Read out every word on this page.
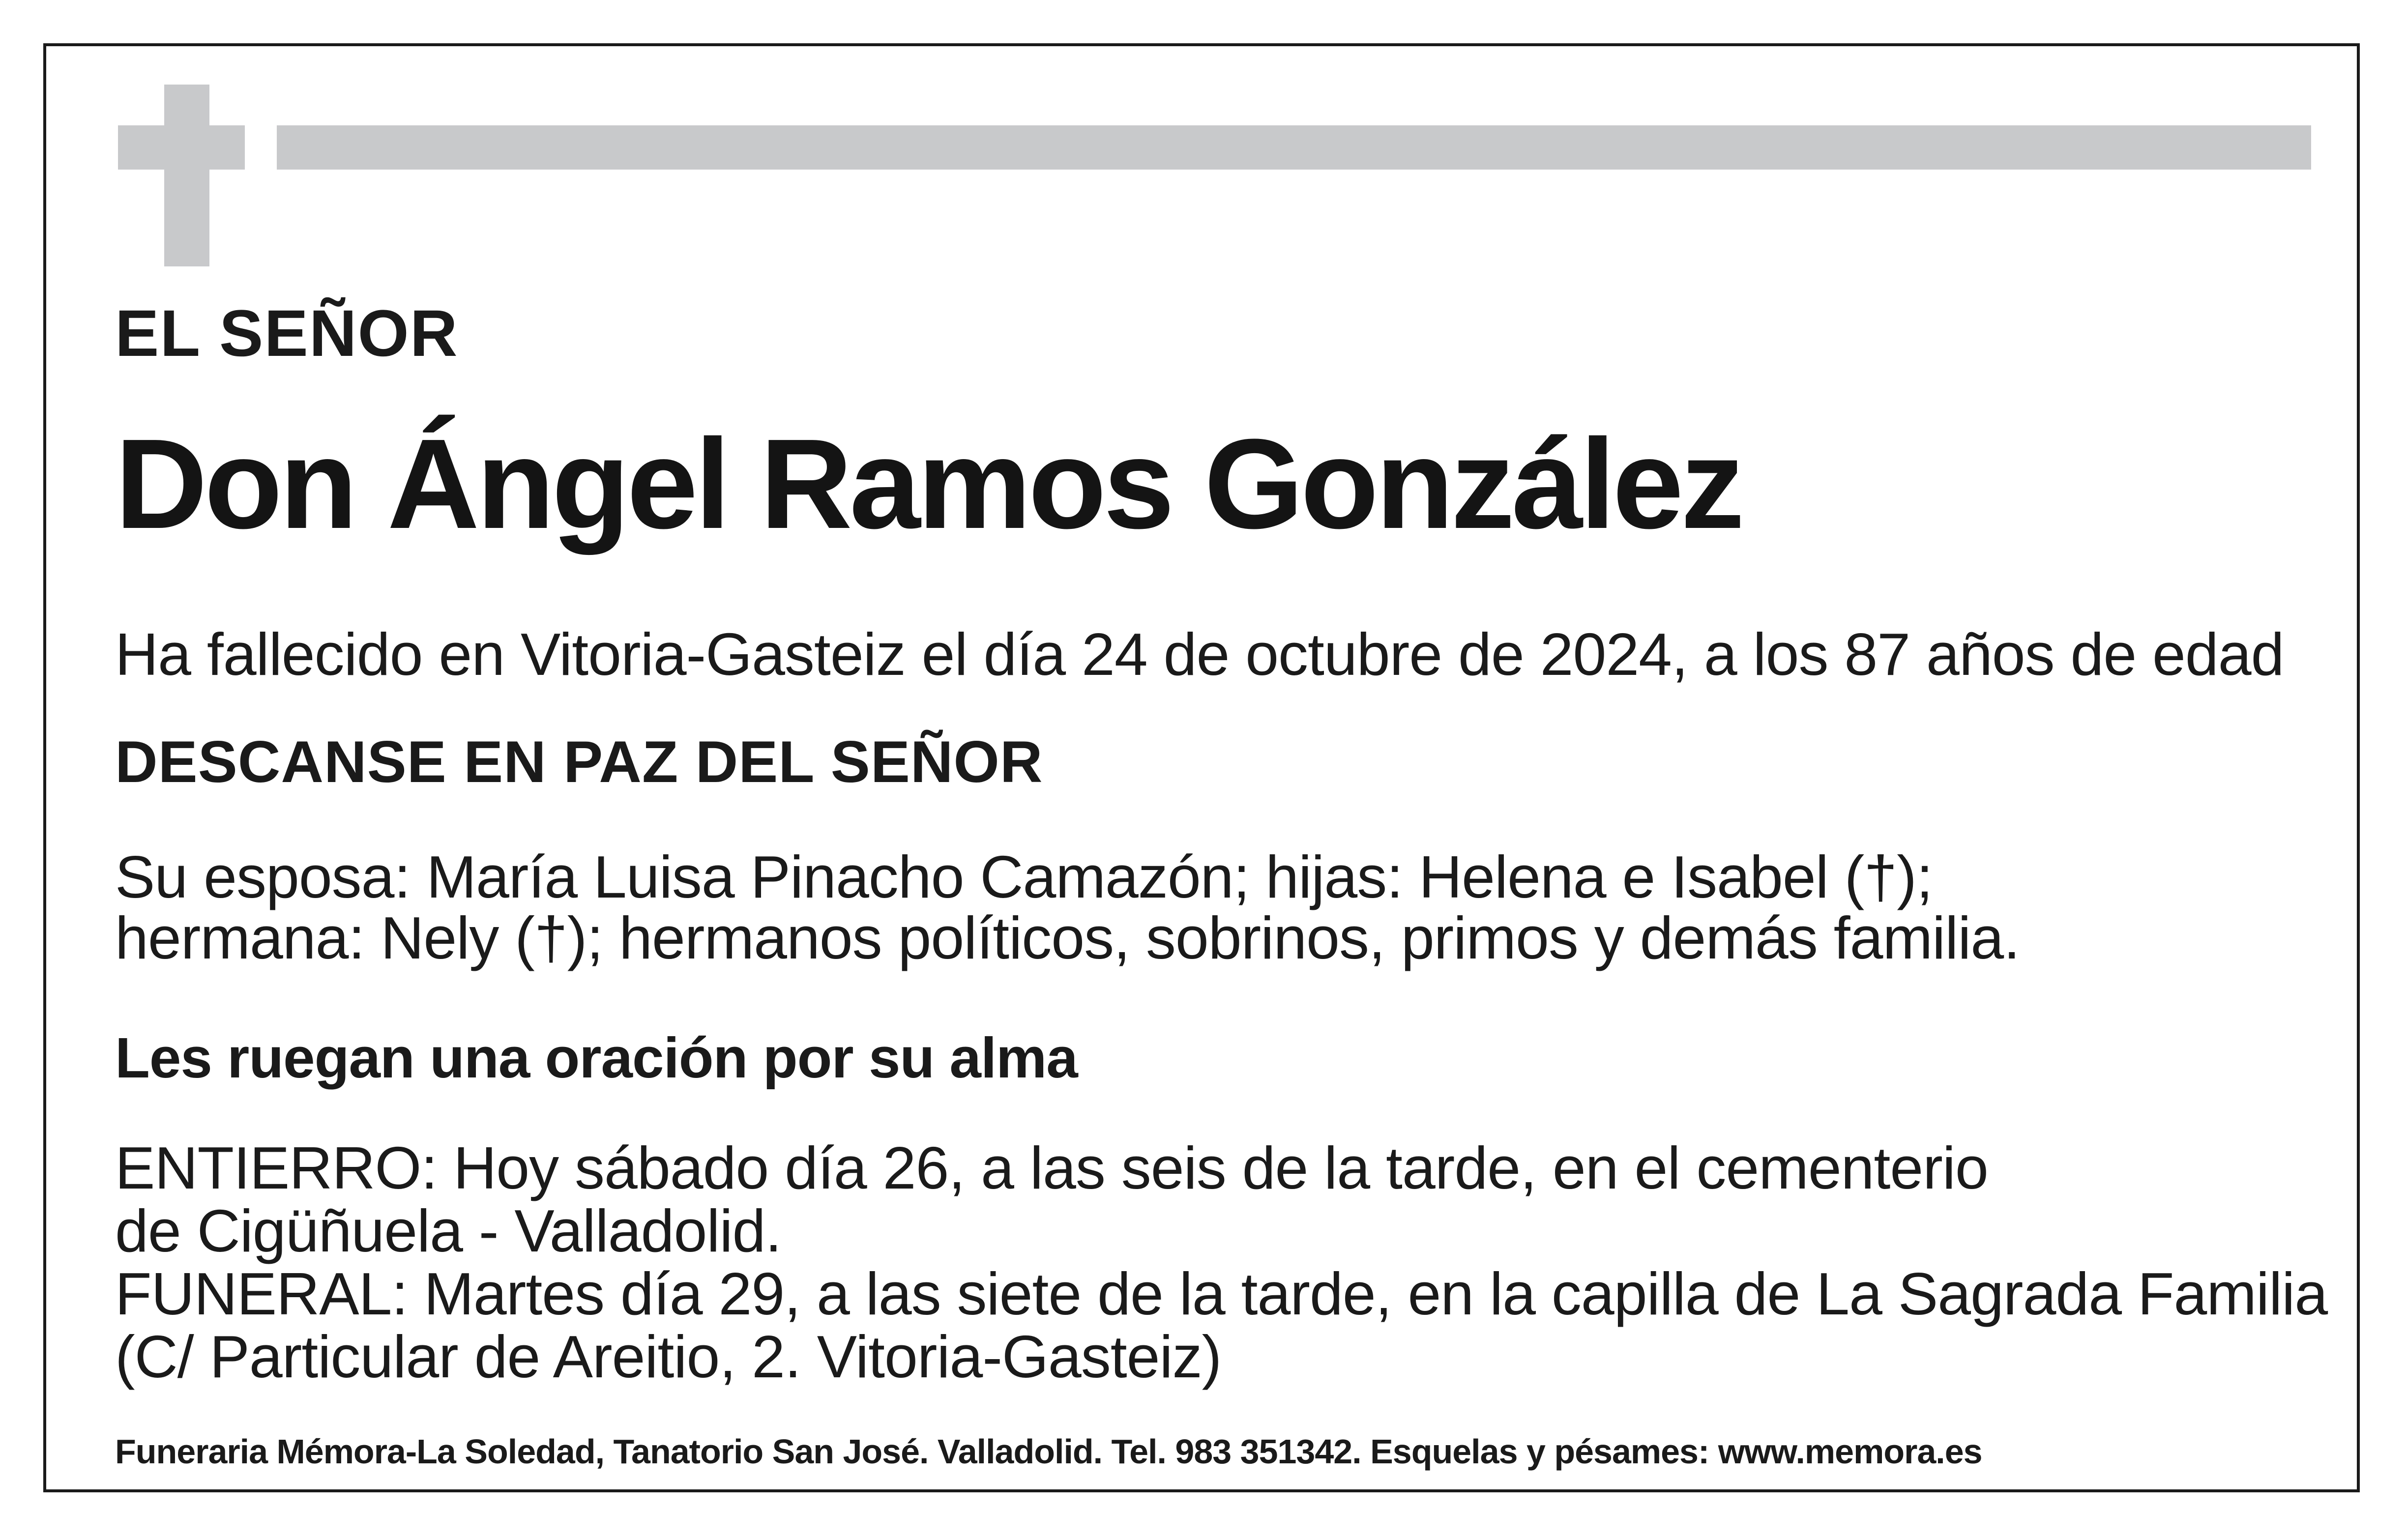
EL SEÑOR

Don Ángel Ramos González

Ha fallecido en Vitoria-Gasteiz el día 24 de octubre de 2024, a los 87 años de edad

DESCANSE EN PAZ DEL SEÑOR

Su esposa: María Luisa Pinacho Camazón; hijas: Helena e Isabel (†);
hermana: Nely (†); hermanos políticos, sobrinos, primos y demás familia.

Les ruegan una oración por su alma

ENTIERRO: Hoy sábado día 26, a las seis de la tarde, en el cementerio
de Cigüñuela - Valladolid.
FUNERAL: Martes día 29, a las siete de la tarde, en la capilla de La Sagrada Familia
(C/ Particular de Areitio, 2. Vitoria-Gasteiz)

Funeraria Mémora-La Soledad, Tanatorio San José. Valladolid. Tel. 983 351342. Esquelas y pésames: www.memora.es
